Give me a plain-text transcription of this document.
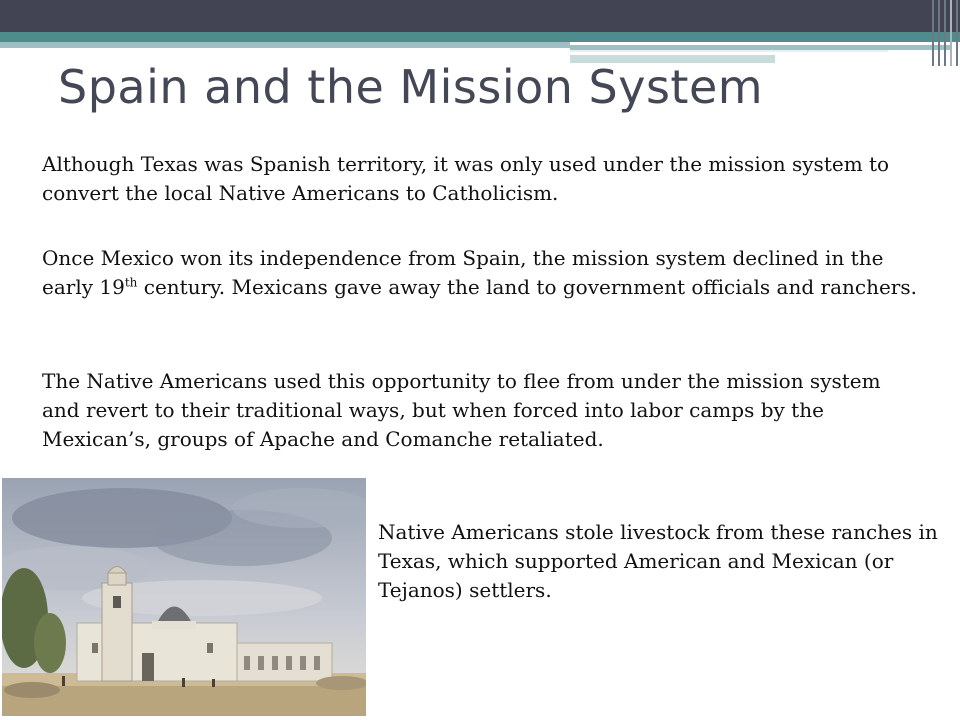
Spain and the Mission System

Although Texas was Spanish territory, it was only used under the mission system to convert the local Native Americans to Catholicism.

Once Mexico won its independence from Spain, the mission system declined in the early 19th century. Mexicans gave away the land to government officials and ranchers.

The Native Americans used this opportunity to flee from under the mission system and revert to their traditional ways, but when forced into labor camps by the Mexican’s, groups of Apache and Comanche retaliated.

Native Americans stole livestock from these ranches in Texas, which supported American and Mexican (or Tejanos) settlers.
